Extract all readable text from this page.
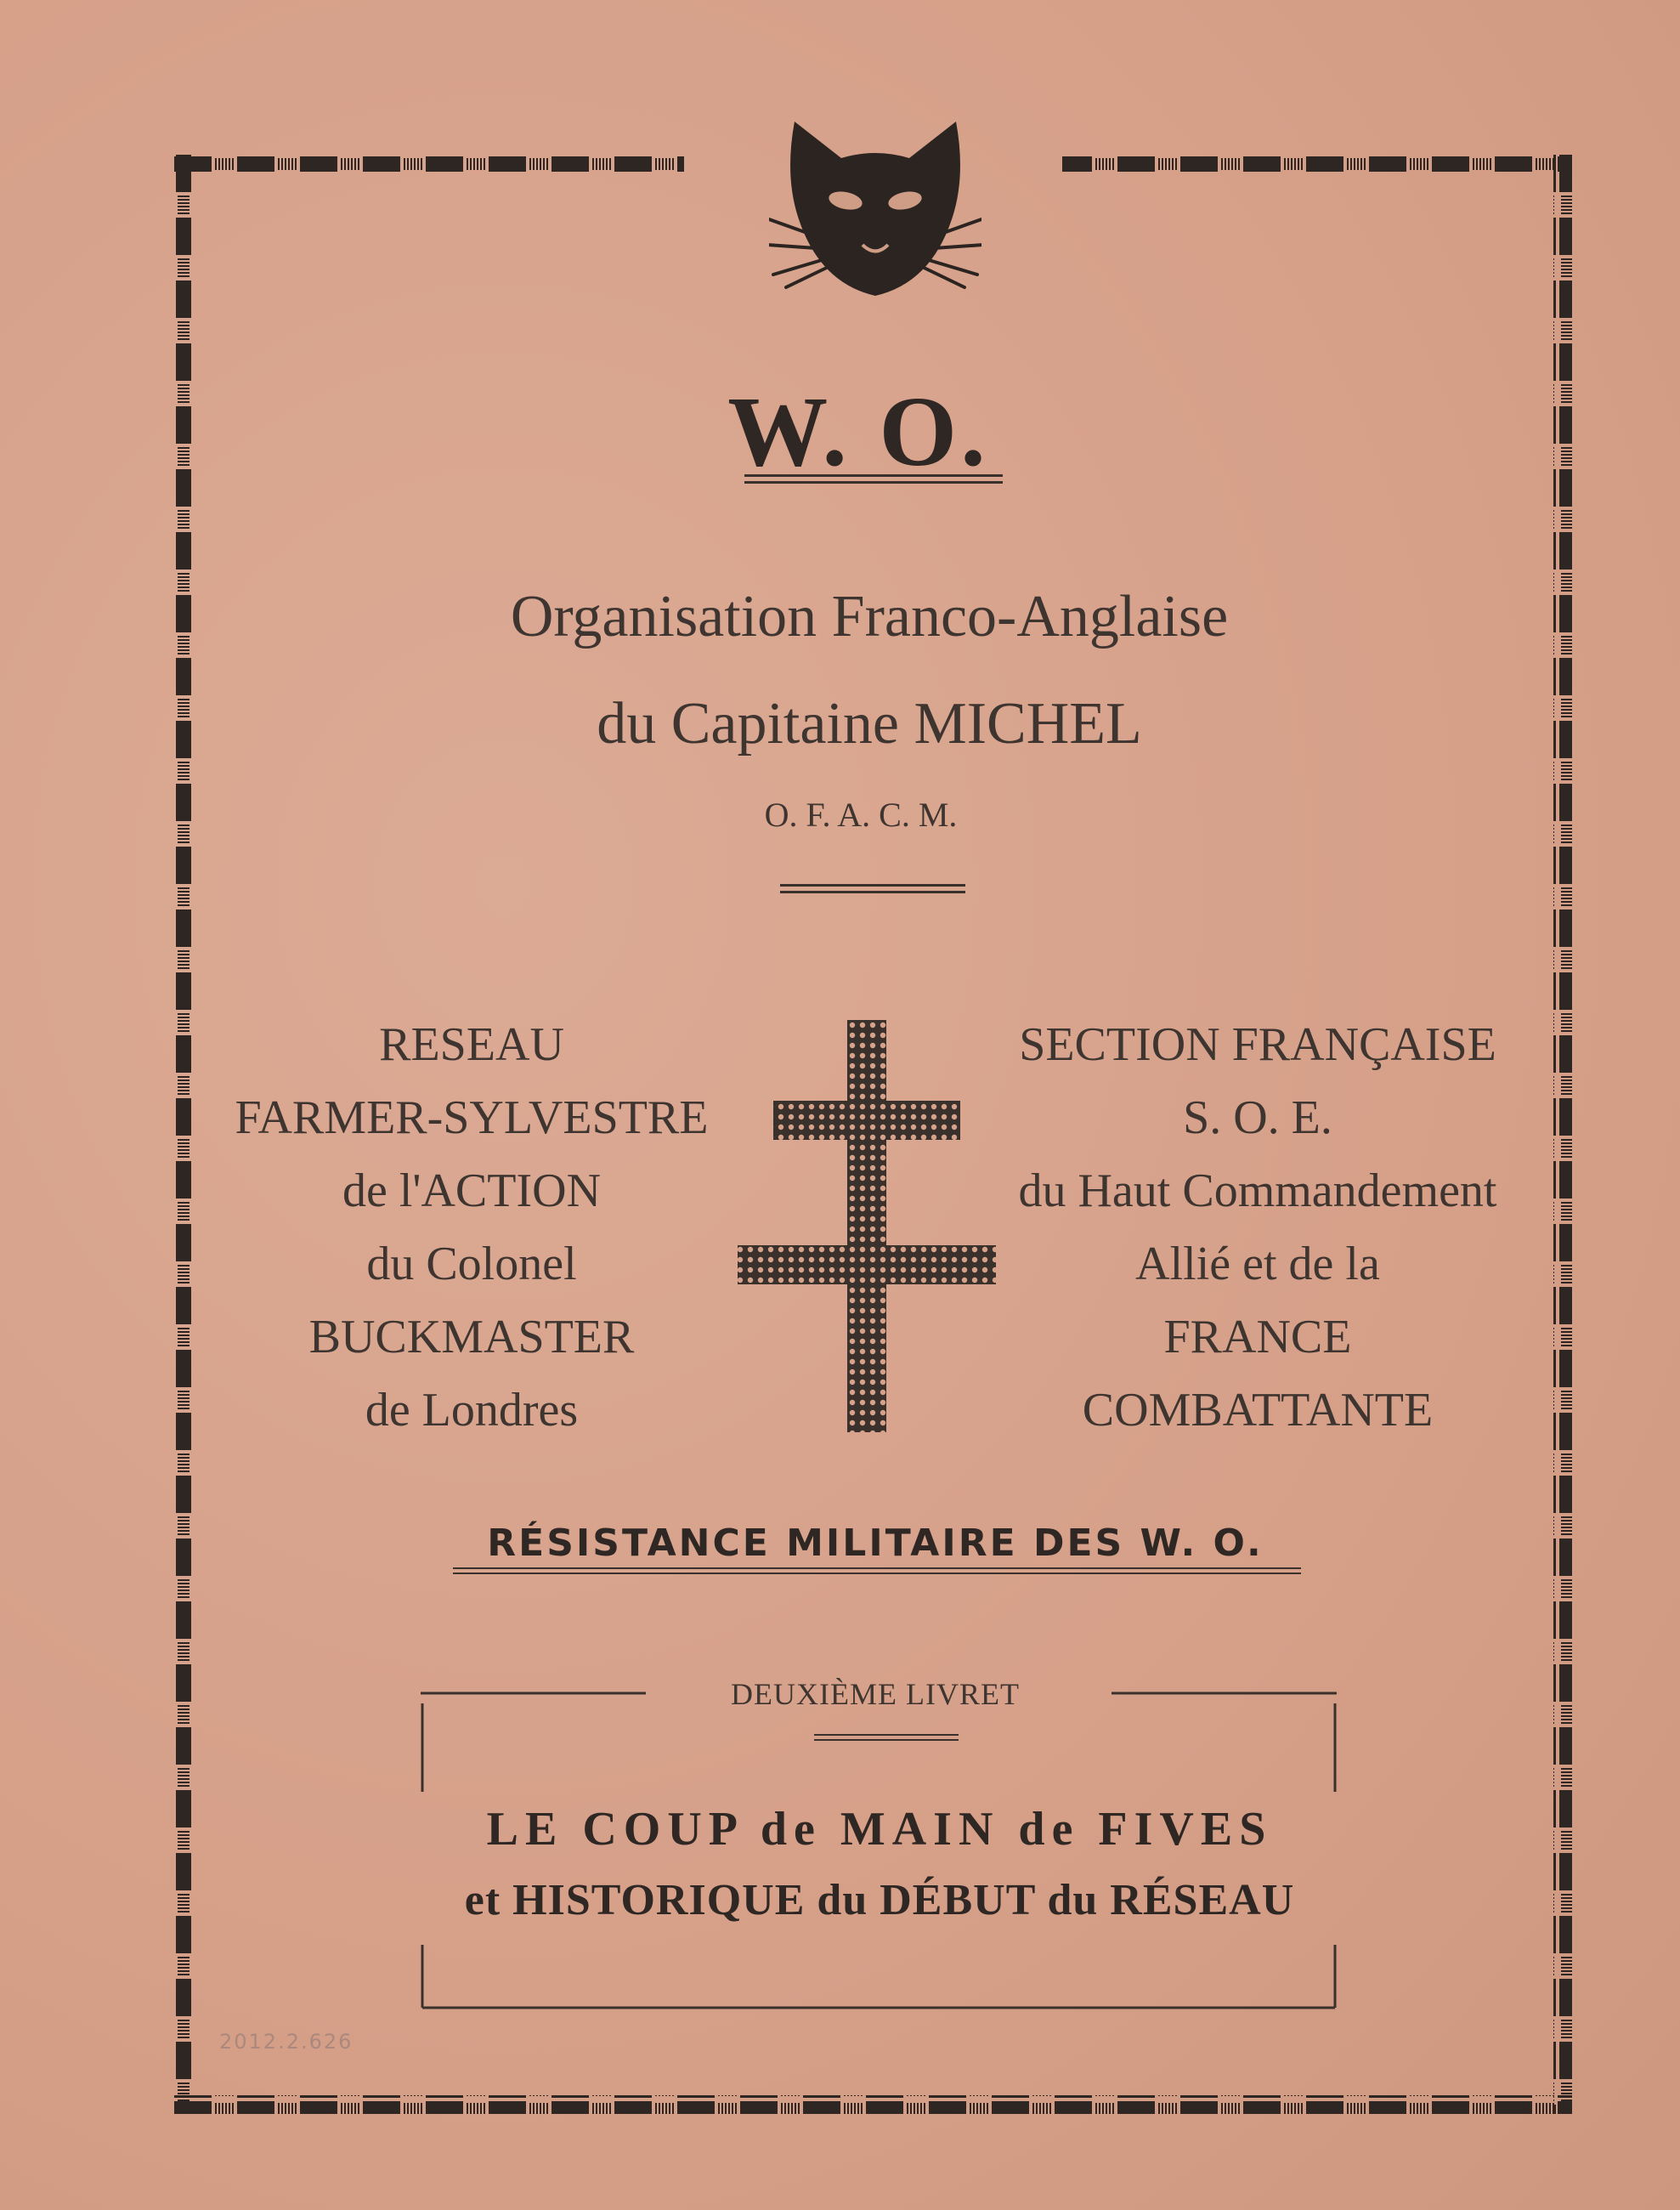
W. O.
Organisation Franco-Anglaise
du Capitaine MICHEL
O. F. A. C. M.
RESEAU
FARMER-SYLVESTRE
de l'ACTION
du Colonel
BUCKMASTER
de Londres
SECTION FRANÇAISE
S. O. E.
du Haut Commandement
Allié et de la
FRANCE
COMBATTANTE
RÉSISTANCE MILITAIRE DES W. O.
DEUXIÈME LIVRET
LE COUP de MAIN de FIVES
et HISTORIQUE du DÉBUT du RÉSEAU
2012.2.626
